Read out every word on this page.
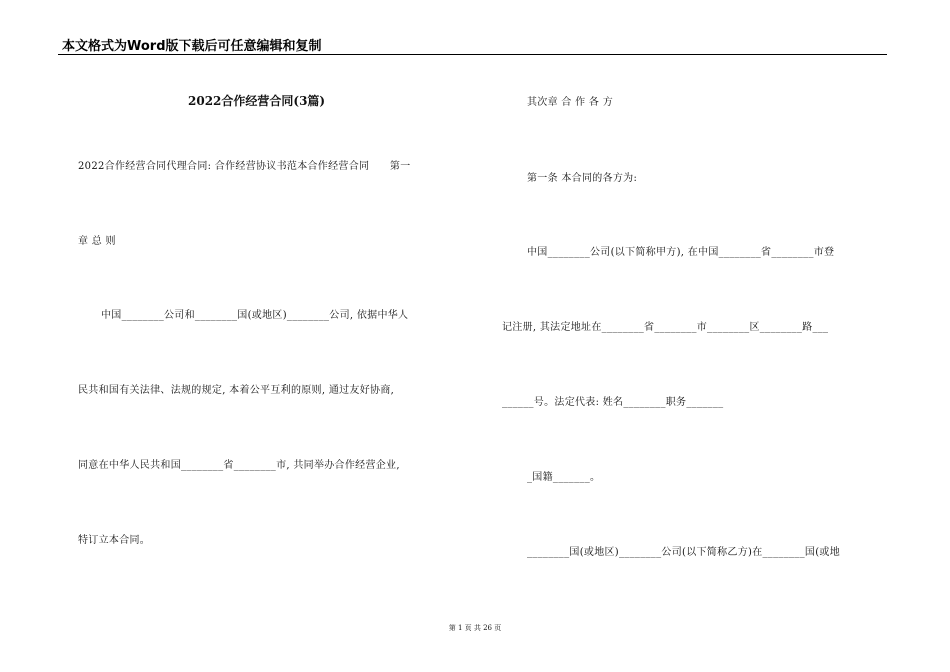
本文格式为Word版下载后可任意编辑和复制
2022合作经营合同(3篇)
2022合作经营合同代理合同: 合作经营协议书范本合作经营合同　　第一
章 总 则
中国________公司和________国(或地区)________公司, 依据中华人
民共和国有关法律、法规的规定, 本着公平互利的原则, 通过友好协商,
同意在中华人民共和国________省________市, 共同举办合作经营企业,
特订立本合同。
其次章 合 作 各 方
第一条 本合同的各方为:
中国________公司(以下简称甲方), 在中国________省________市登
记注册, 其法定地址在________省________市________区________路___
______号。法定代表: 姓名________职务_______
_国籍_______。
________国(或地区)________公司(以下简称乙方)在________国(或地
第 1 页 共 26 页
